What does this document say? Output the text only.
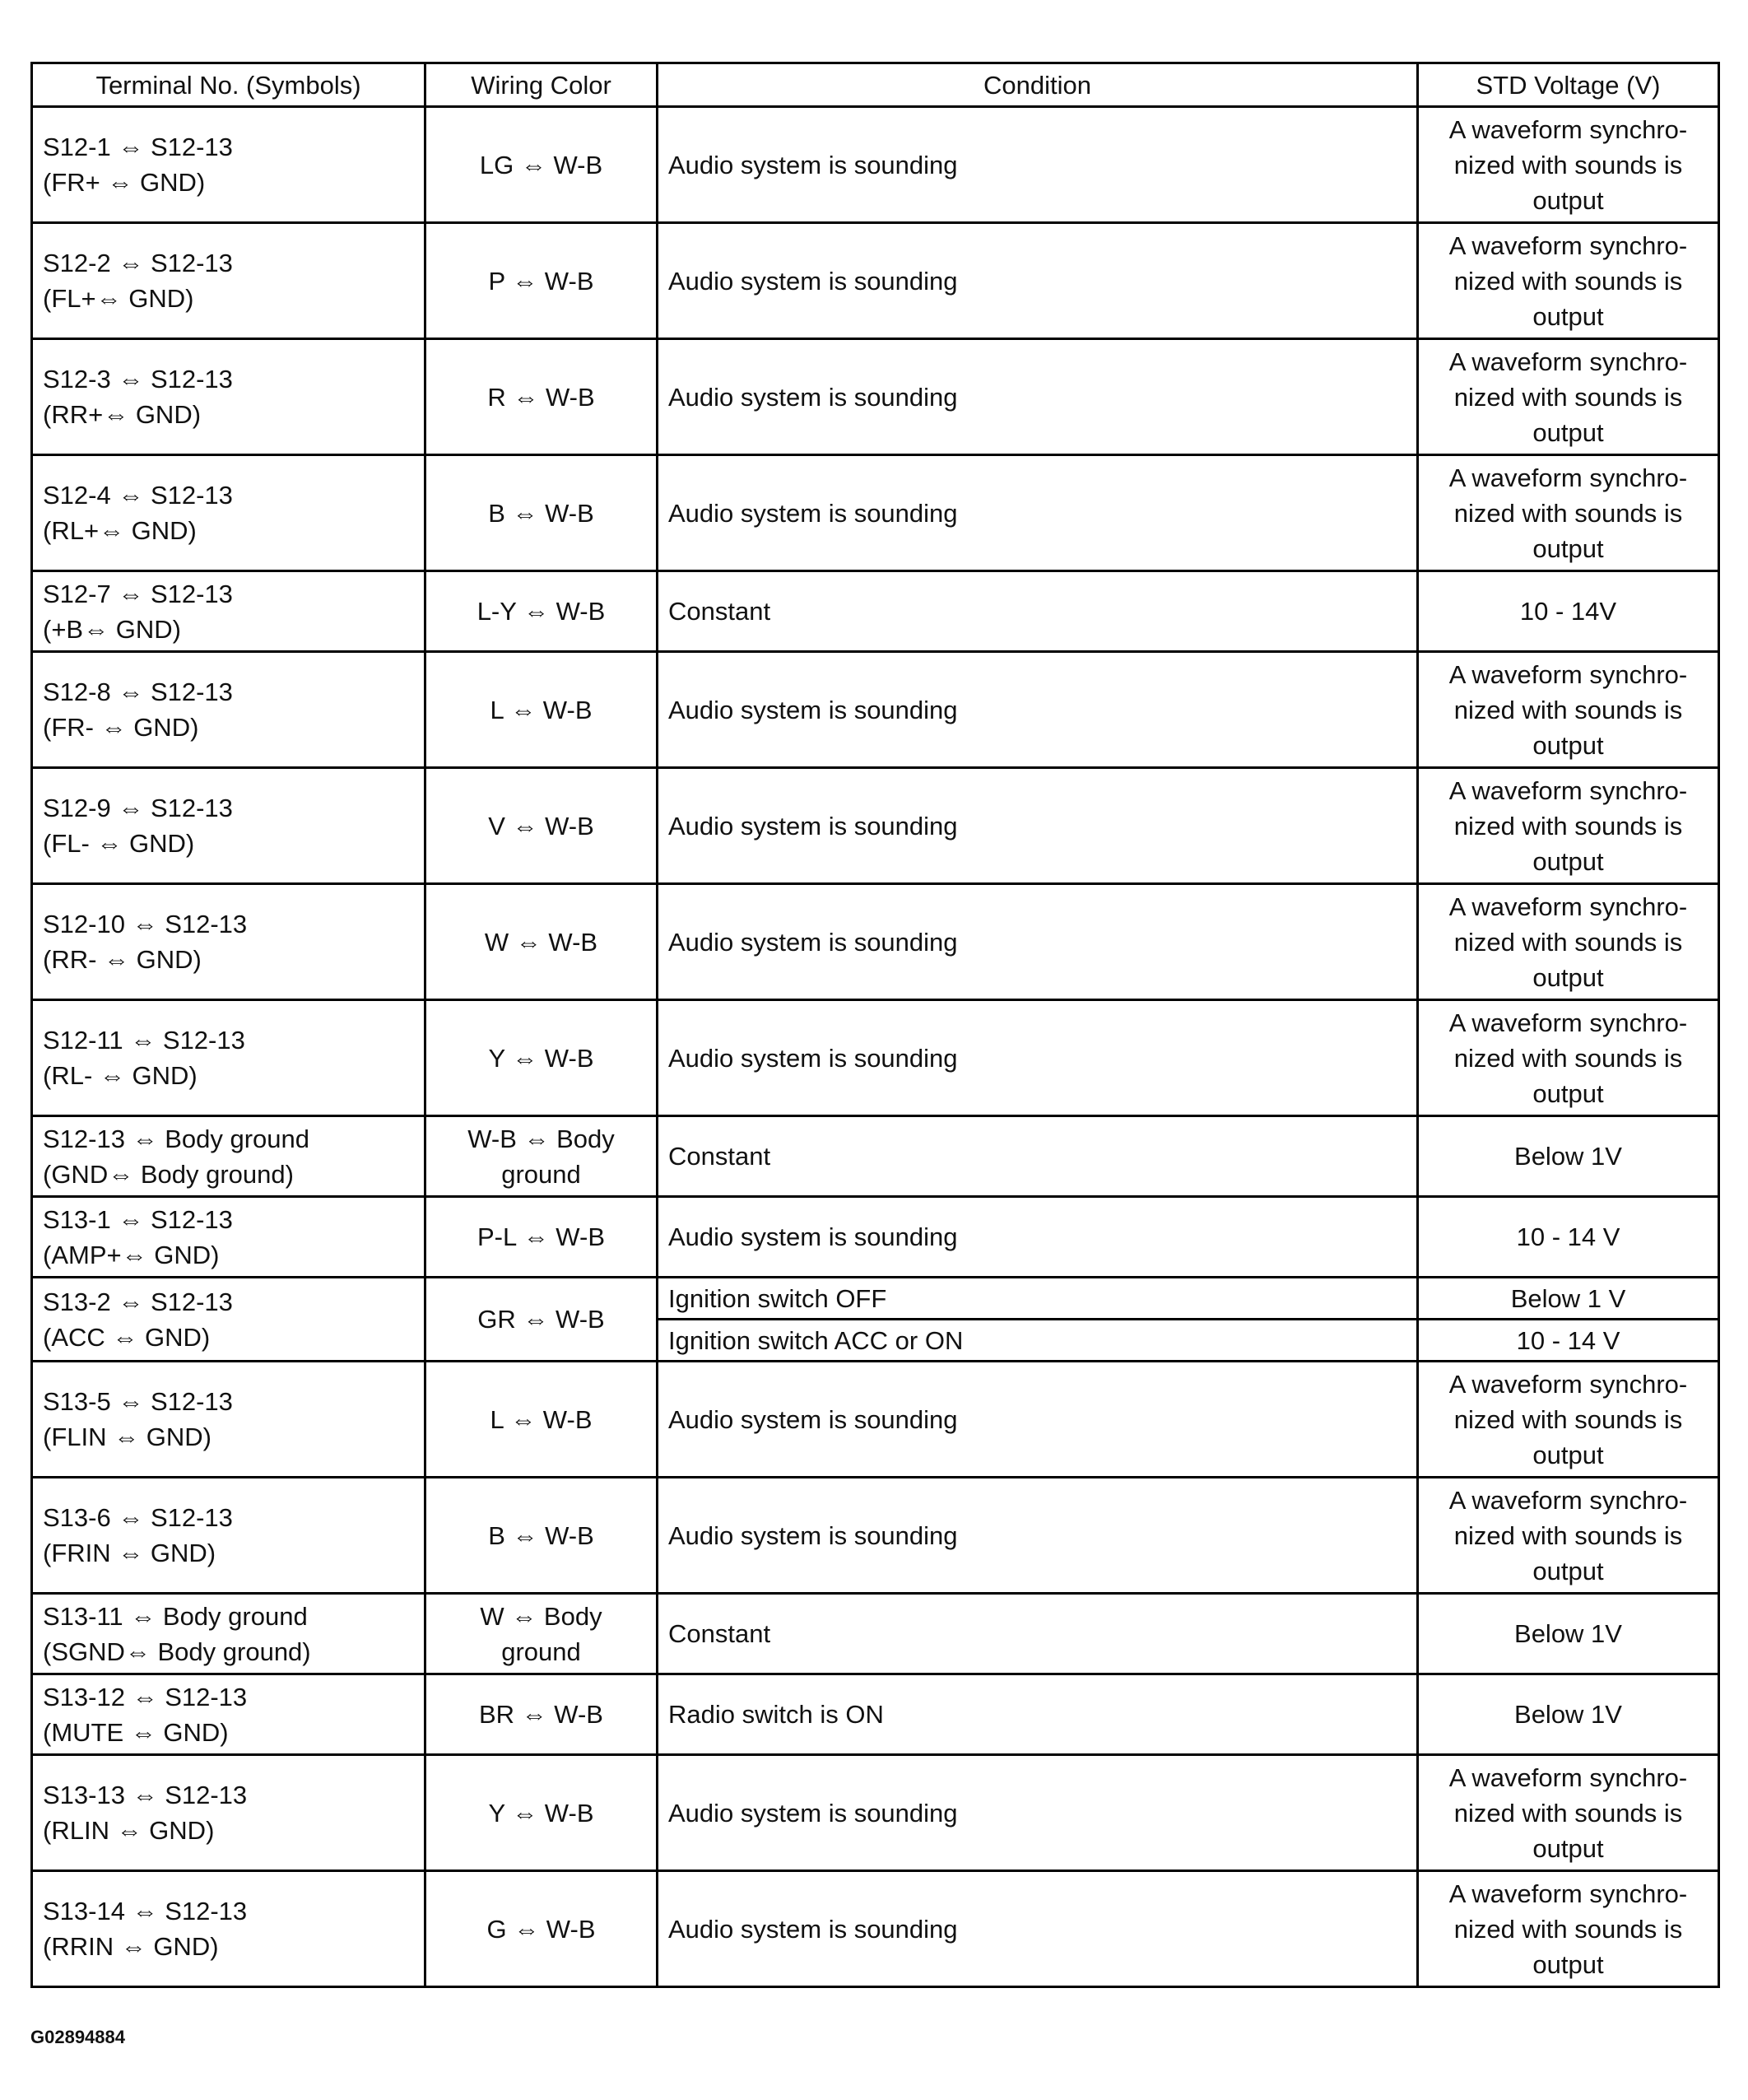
Terminal No. (Symbols)	Wiring Color	Condition	STD Voltage (V)

S12-1 ⇔ S12-13
(FR+ ⇔ GND)	LG ⇔ W-B	Audio system is sounding	A waveform synchro-
nized with sounds is
output

S12-2 ⇔ S12-13
(FL+⇔ GND)	P ⇔ W-B	Audio system is sounding	A waveform synchro-
nized with sounds is
output

S12-3 ⇔ S12-13
(RR+⇔ GND)	R ⇔ W-B	Audio system is sounding	A waveform synchro-
nized with sounds is
output

S12-4 ⇔ S12-13
(RL+⇔ GND)	B ⇔ W-B	Audio system is sounding	A waveform synchro-
nized with sounds is
output

S12-7 ⇔ S12-13
(+B⇔ GND)	L-Y ⇔ W-B	Constant	10 - 14V

S12-8 ⇔ S12-13
(FR- ⇔ GND)	L ⇔ W-B	Audio system is sounding	A waveform synchro-
nized with sounds is
output

S12-9 ⇔ S12-13
(FL- ⇔ GND)	V ⇔ W-B	Audio system is sounding	A waveform synchro-
nized with sounds is
output

S12-10 ⇔ S12-13
(RR- ⇔ GND)	W ⇔ W-B	Audio system is sounding	A waveform synchro-
nized with sounds is
output

S12-11 ⇔ S12-13
(RL- ⇔ GND)	Y ⇔ W-B	Audio system is sounding	A waveform synchro-
nized with sounds is
output

S12-13 ⇔ Body ground
(GND⇔ Body ground)	W-B ⇔ Body
ground	Constant	Below 1V

S13-1 ⇔ S12-13
(AMP+⇔ GND)	P-L ⇔ W-B	Audio system is sounding	10 - 14 V

S13-2 ⇔ S12-13
(ACC ⇔ GND)	GR ⇔ W-B	Ignition switch OFF	Below 1 V

		Ignition switch ACC or ON	10 - 14 V

S13-5 ⇔ S12-13
(FLIN ⇔ GND)	L ⇔ W-B	Audio system is sounding	A waveform synchro-
nized with sounds is
output

S13-6 ⇔ S12-13
(FRIN ⇔ GND)	B ⇔ W-B	Audio system is sounding	A waveform synchro-
nized with sounds is
output

S13-11 ⇔ Body ground
(SGND⇔ Body ground)	W ⇔ Body
ground	Constant	Below 1V

S13-12 ⇔ S12-13
(MUTE ⇔ GND)	BR ⇔ W-B	Radio switch is ON	Below 1V

S13-13 ⇔ S12-13
(RLIN ⇔ GND)	Y ⇔ W-B	Audio system is sounding	A waveform synchro-
nized with sounds is
output

S13-14 ⇔ S12-13
(RRIN ⇔ GND)	G ⇔ W-B	Audio system is sounding	A waveform synchro-
nized with sounds is
output
G02894884
